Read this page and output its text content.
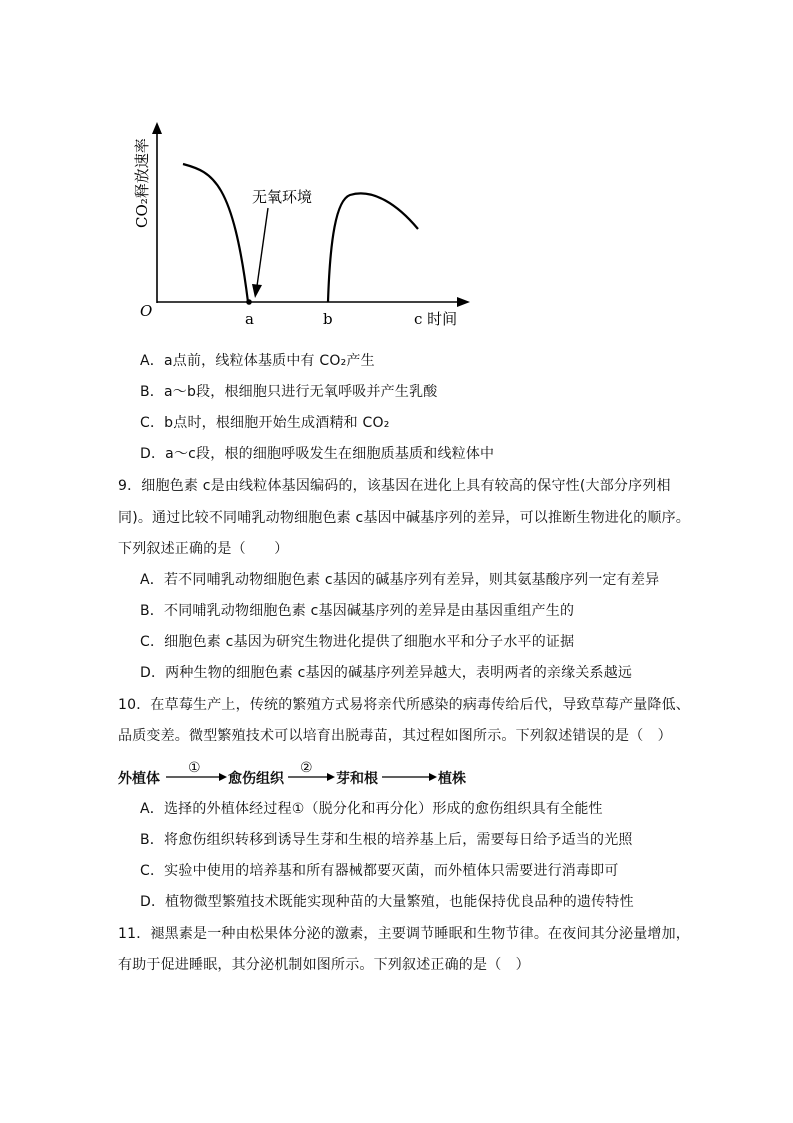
无氧环境
CO₂释放速率
O	a	b	c 时间
A．a点前，线粒体基质中有 CO₂产生
B．a～b段，根细胞只进行无氧呼吸并产生乳酸
C．b点时，根细胞开始生成酒精和 CO₂
D．a～c段，根的细胞呼吸发生在细胞质基质和线粒体中
9．细胞色素 c是由线粒体基因编码的，该基因在进化上具有较高的保守性(大部分序列相
同)。通过比较不同哺乳动物细胞色素 c基因中碱基序列的差异，可以推断生物进化的顺序。
下列叙述正确的是（　　）
A．若不同哺乳动物细胞色素 c基因的碱基序列有差异，则其氨基酸序列一定有差异
B．不同哺乳动物细胞色素 c基因碱基序列的差异是由基因重组产生的
C．细胞色素 c基因为研究生物进化提供了细胞水平和分子水平的证据
D．两种生物的细胞色素 c基因的碱基序列差异越大，表明两者的亲缘关系越远
10．在草莓生产上，传统的繁殖方式易将亲代所感染的病毒传给后代，导致草莓产量降低、
品质变差。微型繁殖技术可以培育出脱毒苗，其过程如图所示。下列叙述错误的是（　）
外植体
①
愈伤组织
②
芽和根	植株
A．选择的外植体经过程①（脱分化和再分化）形成的愈伤组织具有全能性
B．将愈伤组织转移到诱导生芽和生根的培养基上后，需要每日给予适当的光照
C．实验中使用的培养基和所有器械都要灭菌，而外植体只需要进行消毒即可
D．植物微型繁殖技术既能实现种苗的大量繁殖，也能保持优良品种的遗传特性
11．褪黑素是一种由松果体分泌的激素，主要调节睡眠和生物节律。在夜间其分泌量增加，
有助于促进睡眠，其分泌机制如图所示。下列叙述正确的是（　）
